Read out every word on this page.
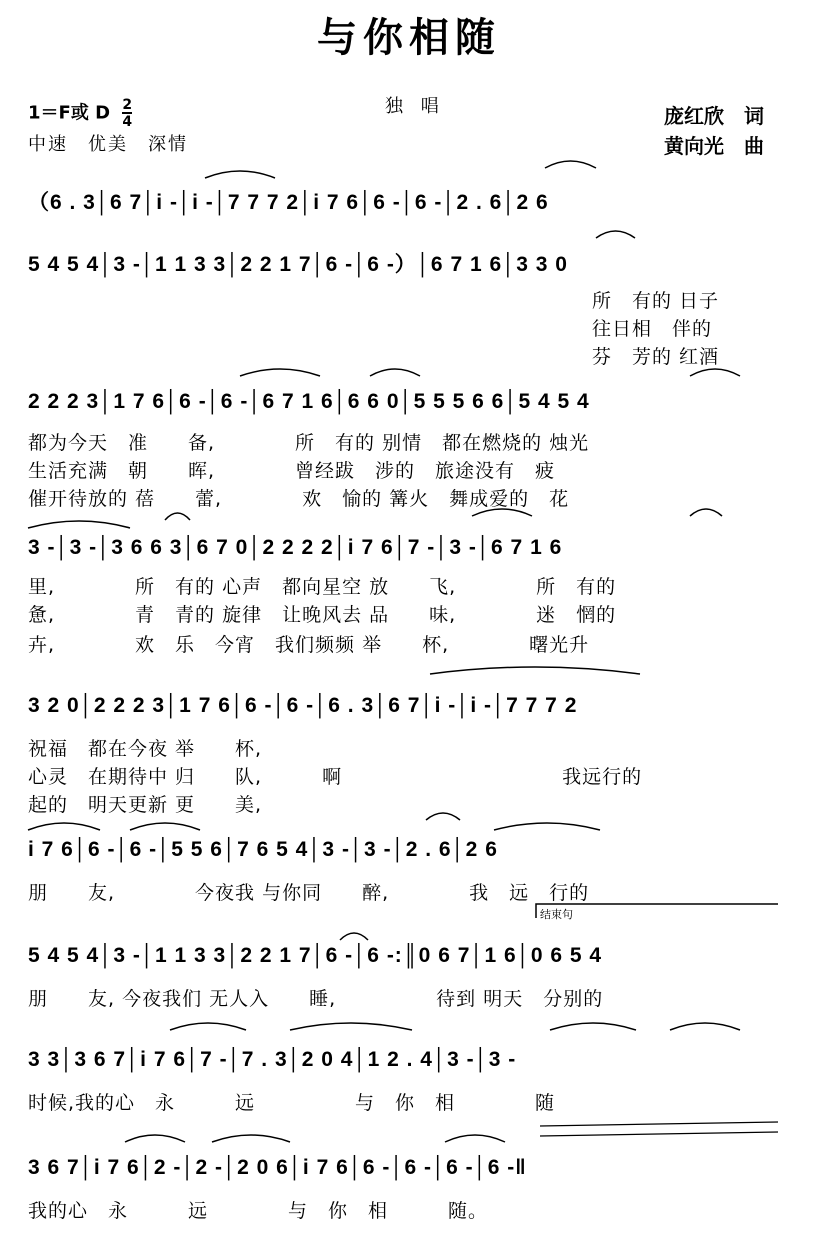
与你相随
1＝F或 D $\frac{2}{4}$
中速　优美　深情
独 唱	庞红欣　词
黄向光　曲
（6 . 3│6 7│i -│i -│7 7 7 2│i 7 6│6 -│6 -│2 . 6│2 6
5 4 5 4│3 -│1 1 3 3│2 2 1 7│6 -│6 -）│6 7 1 6│3 3 0
所　有的 日子
往日相　伴的
芬　芳的 红酒
2 2 2 3│1 7 6│6 -│6 -│6 7 1 6│6 6 0│5 5 5 6 6│5 4 5 4
都为今天　准　　备,　　　　所　有的 别情　都在燃烧的 烛光
生活充满　朝　　晖,　　　　曾经跋　涉的　旅途没有　疲
催开待放的 蓓　　蕾,　　　　欢　愉的 篝火　舞成爱的　花
3 -│3 -│3 6 6 3│6 7 0│2 2 2 2│i 7 6│7 -│3 -│6 7 1 6
里,　　　　所　有的 心声　都向星空 放　　飞,　　　　所　有的
惫,　　　　青　青的 旋律　让晚风去 品　　味,　　　　迷　惘的
卉,　　　　欢　乐　今宵　我们频频 举　　杯,　　　　曙光升
3 2 0│2 2 2 3│1 7 6│6 -│6 -│6 . 3│6 7│i -│i -│7 7 7 2
祝福　都在今夜 举　　杯,
心灵　在期待中 归　　队,　　　啊　　　　　　　　　　　我远行的
起的　明天更新 更　　美,
i 7 6│6 -│6 -│5 5 6│7 6 5 4│3 -│3 -│2 . 6│2 6
朋　　友,　　　　今夜我 与你同　　醉,　　　　我　远　行的
结束句
5 4 5 4│3 -│1 1 3 3│2 2 1 7│6 -│6 -:║0 6 7│1 6│0 6 5 4
朋　　友, 今夜我们 无人入　　睡,　　　　　待到 明天　分别的
3 3│3 6 7│i 7 6│7 -│7 . 3│2 0 4│1 2 . 4│3 -│3 -
时候,我的心　永　　　远　　　　　与　你　相　　　　随
3 6 7│i 7 6│2 -│2 -│2 0 6│i 7 6│6 -│6 -│6 -│6 -‖
我的心　永　　　远　　　　与　你　相　　　随。
